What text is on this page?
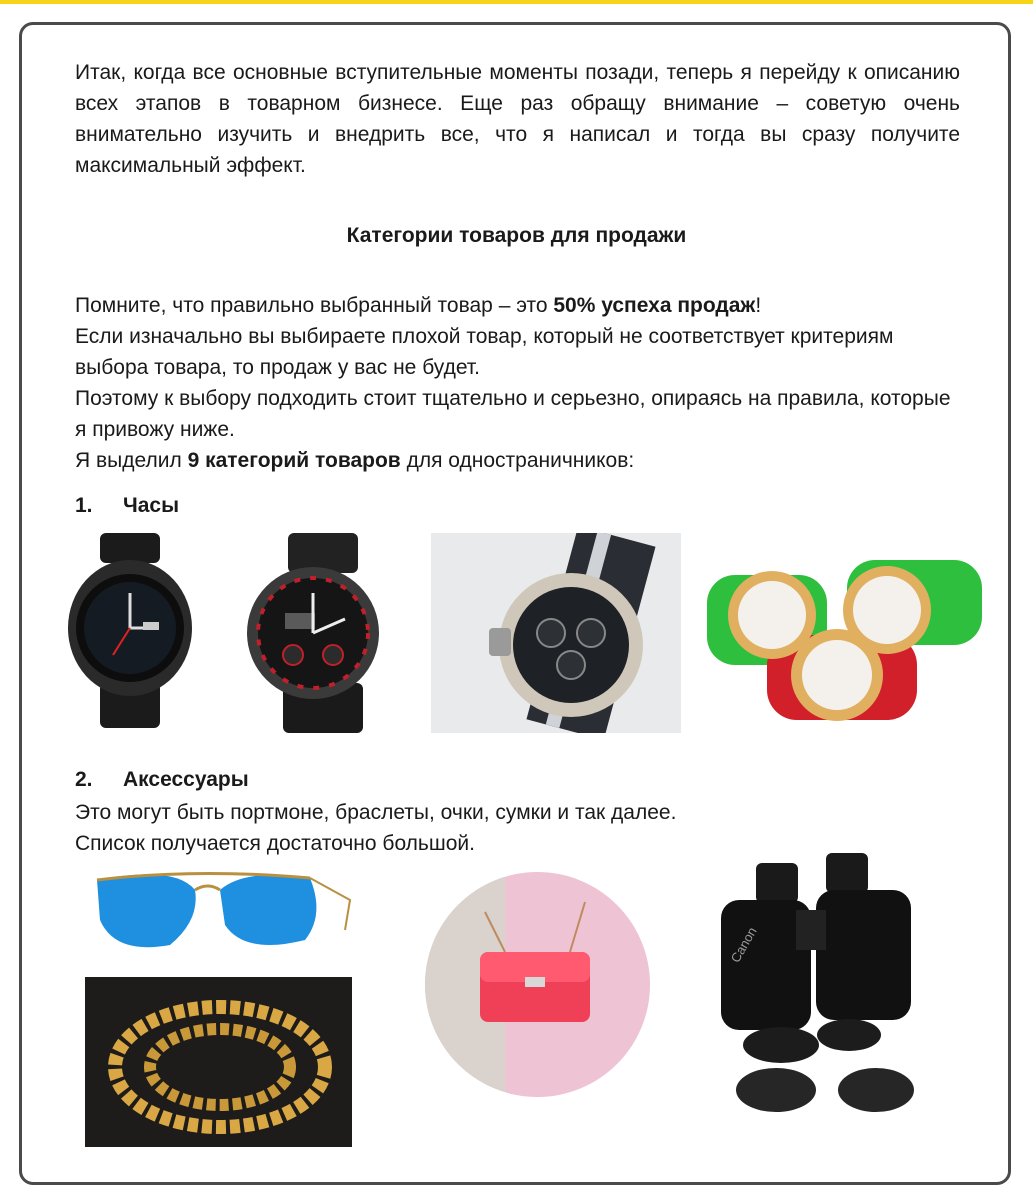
Итак, когда все основные вступительные моменты позади, теперь я перейду к описанию всех этапов в товарном бизнесе. Еще раз обращу внимание – советую очень внимательно изучить и внедрить все, что я написал и тогда вы сразу получите максимальный эффект.
Категории товаров для продажи

Помните, что правильно выбранный товар – это 50% успеха продаж!

Если изначально вы выбираете плохой товар, который не соответствует критериям выбора товара, то продаж у вас не будет.

Поэтому к выбору подходить стоит тщательно и серьезно, опираясь на правила, которые я привожу ниже.

Я выделил 9 категорий товаров для одностраничников:

1. Часы
2. Аксессуары

Это могут быть портмоне, браслеты, очки, сумки и так далее.

Список получается достаточно большой.

Canon
